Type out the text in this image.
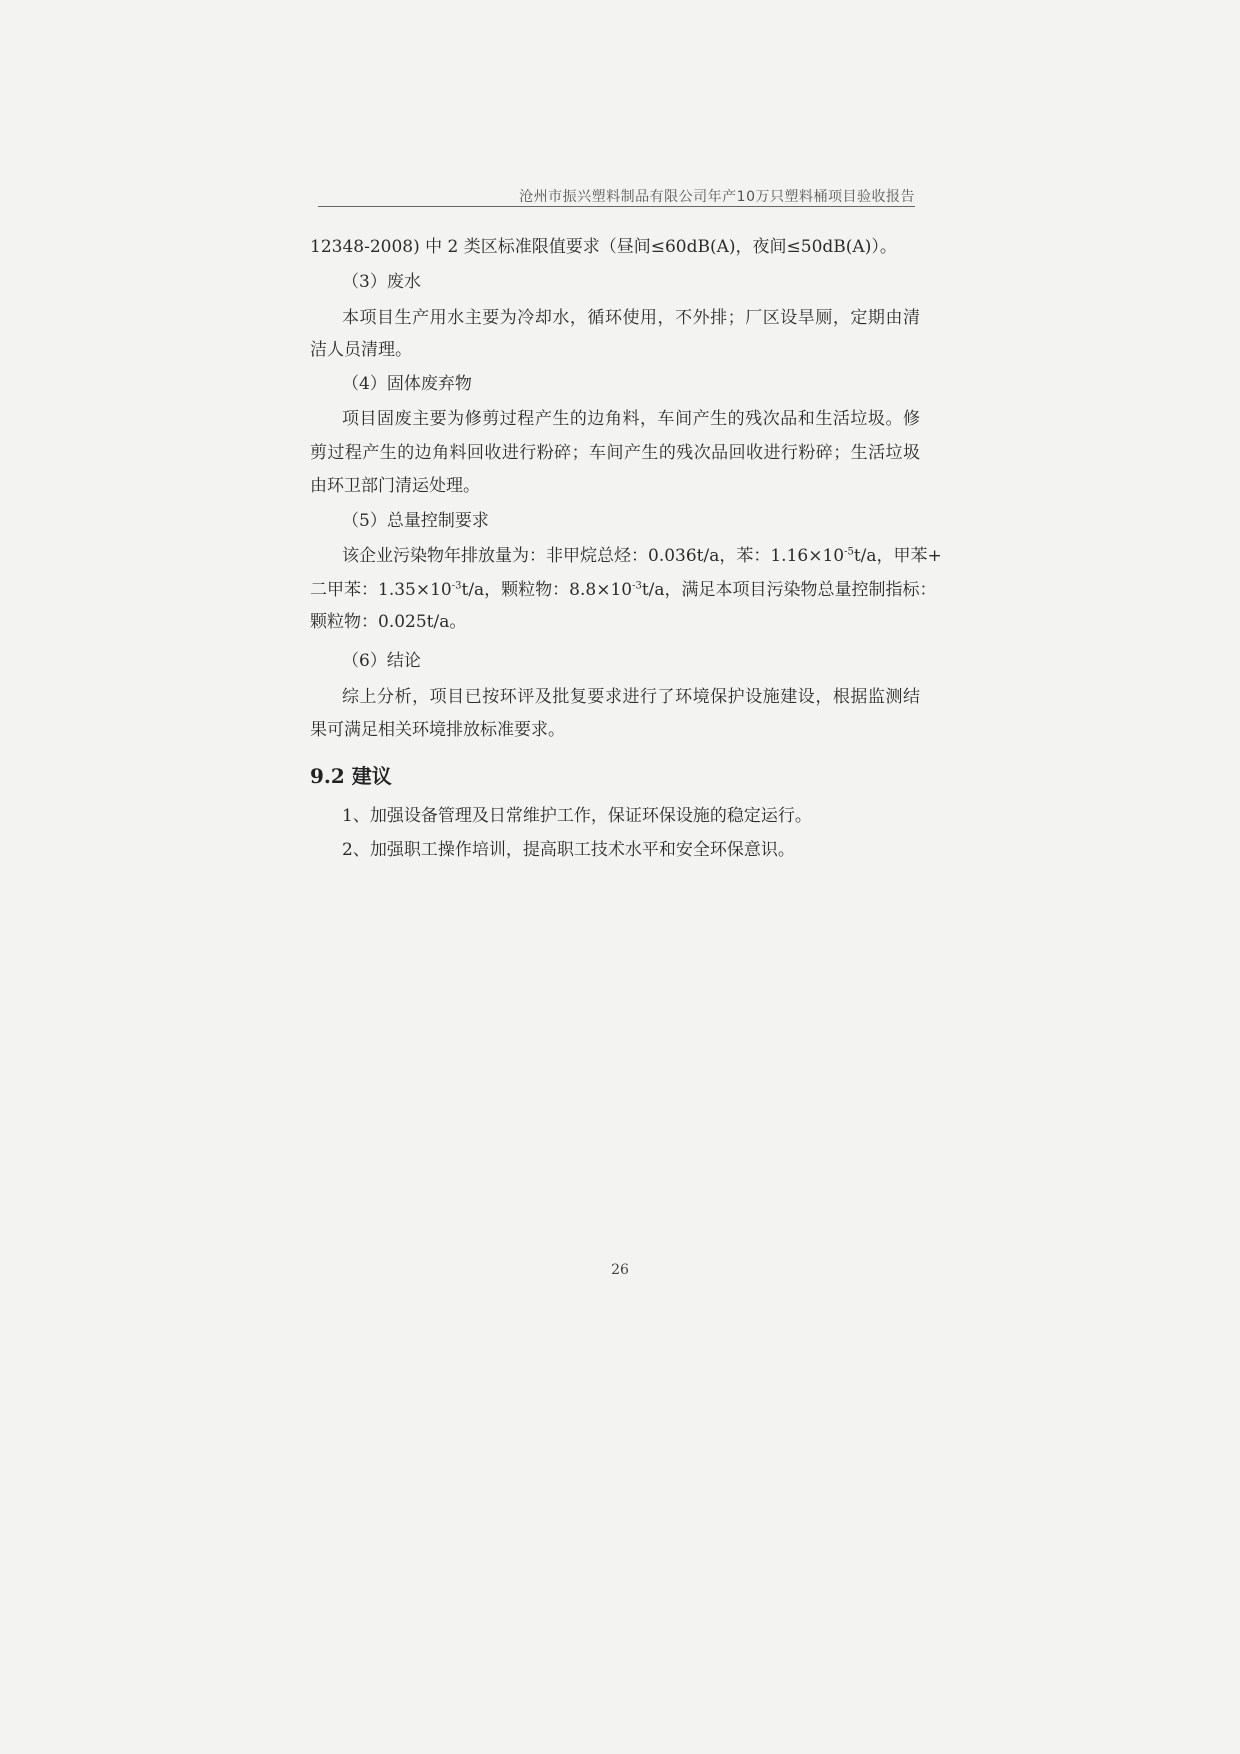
沧州市振兴塑料制品有限公司年产10万只塑料桶项目验收报告
12348-2008) 中 2 类区标准限值要求（昼间≤60dB(A)，夜间≤50dB(A)）。
（3）废水
本项目生产用水主要为冷却水，循环使用，不外排；厂区设旱厕，定期由清
洁人员清理。
（4）固体废弃物
项目固废主要为修剪过程产生的边角料，车间产生的残次品和生活垃圾。修
剪过程产生的边角料回收进行粉碎；车间产生的残次品回收进行粉碎；生活垃圾
由环卫部门清运处理。
（5）总量控制要求
该企业污染物年排放量为：非甲烷总烃：0.036t/a，苯：$1.16\times 10^{-5}t/a$，甲苯+
二甲苯：$1.35\times 10^{-3}t/a$，颗粒物：$8.8\times 10^{-3}t/a$，满足本项目污染物总量控制指标：
颗粒物：0.025t/a。
（6）结论
综上分析，项目已按环评及批复要求进行了环境保护设施建设，根据监测结
果可满足相关环境排放标准要求。
9.2 建议
1、加强设备管理及日常维护工作，保证环保设施的稳定运行。
2、加强职工操作培训，提高职工技术水平和安全环保意识。
26
